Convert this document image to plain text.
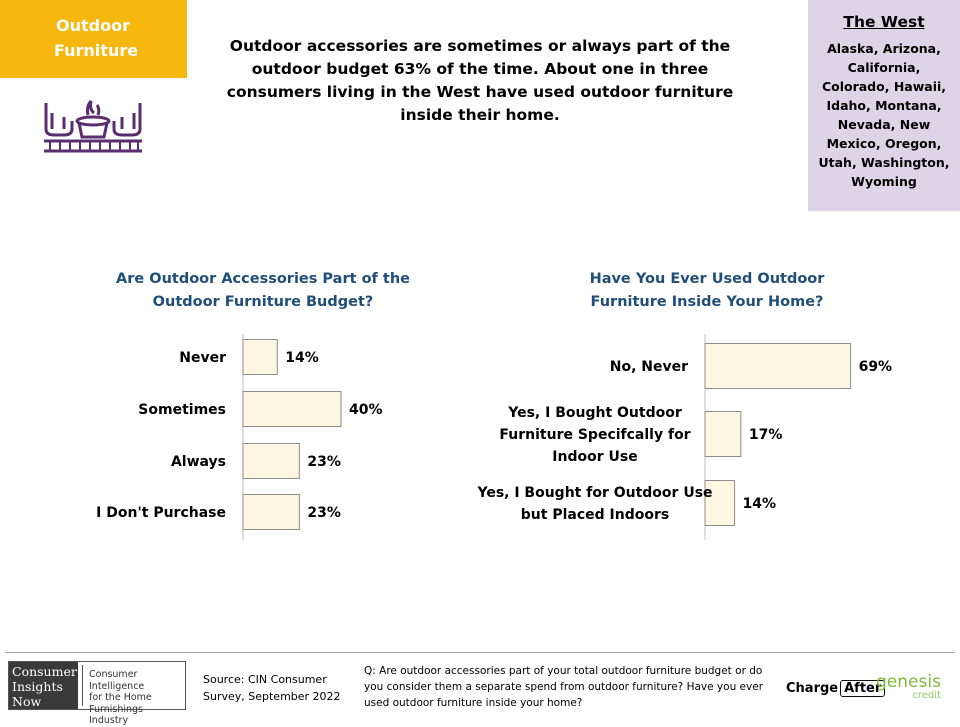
Outdoor
Furniture	Outdoor accessories are sometimes or always part of the outdoor budget 63% of the time. About one in three consumers living in the West have used outdoor furniture inside their home.
The West
Alaska, Arizona, California, Colorado, Hawaii, Idaho, Montana, Nevada, New Mexico, Oregon, Utah, Washington, Wyoming
Are Outdoor Accessories Part of the
Outdoor Furniture Budget?
Have You Ever Used Outdoor
Furniture Inside Your Home?
14%
Never
40%
Sometimes
23%
Always
23%
I Don't Purchase
69%
No, Never
17%
Yes, I Bought Outdoor Furniture Specifcally for Indoor Use
14%
Yes, I Bought for Outdoor Use but Placed Indoors
Consumer
Insights
Now
Consumer Intelligence
for the Home
Furnishings Industry
Source: CIN Consumer
Survey, September 2022
Q: Are outdoor accessories part of your total outdoor furniture budget or do you consider them a separate spend from outdoor furniture? Have you ever used outdoor furniture inside your home?
Charge After
genesis
credit
